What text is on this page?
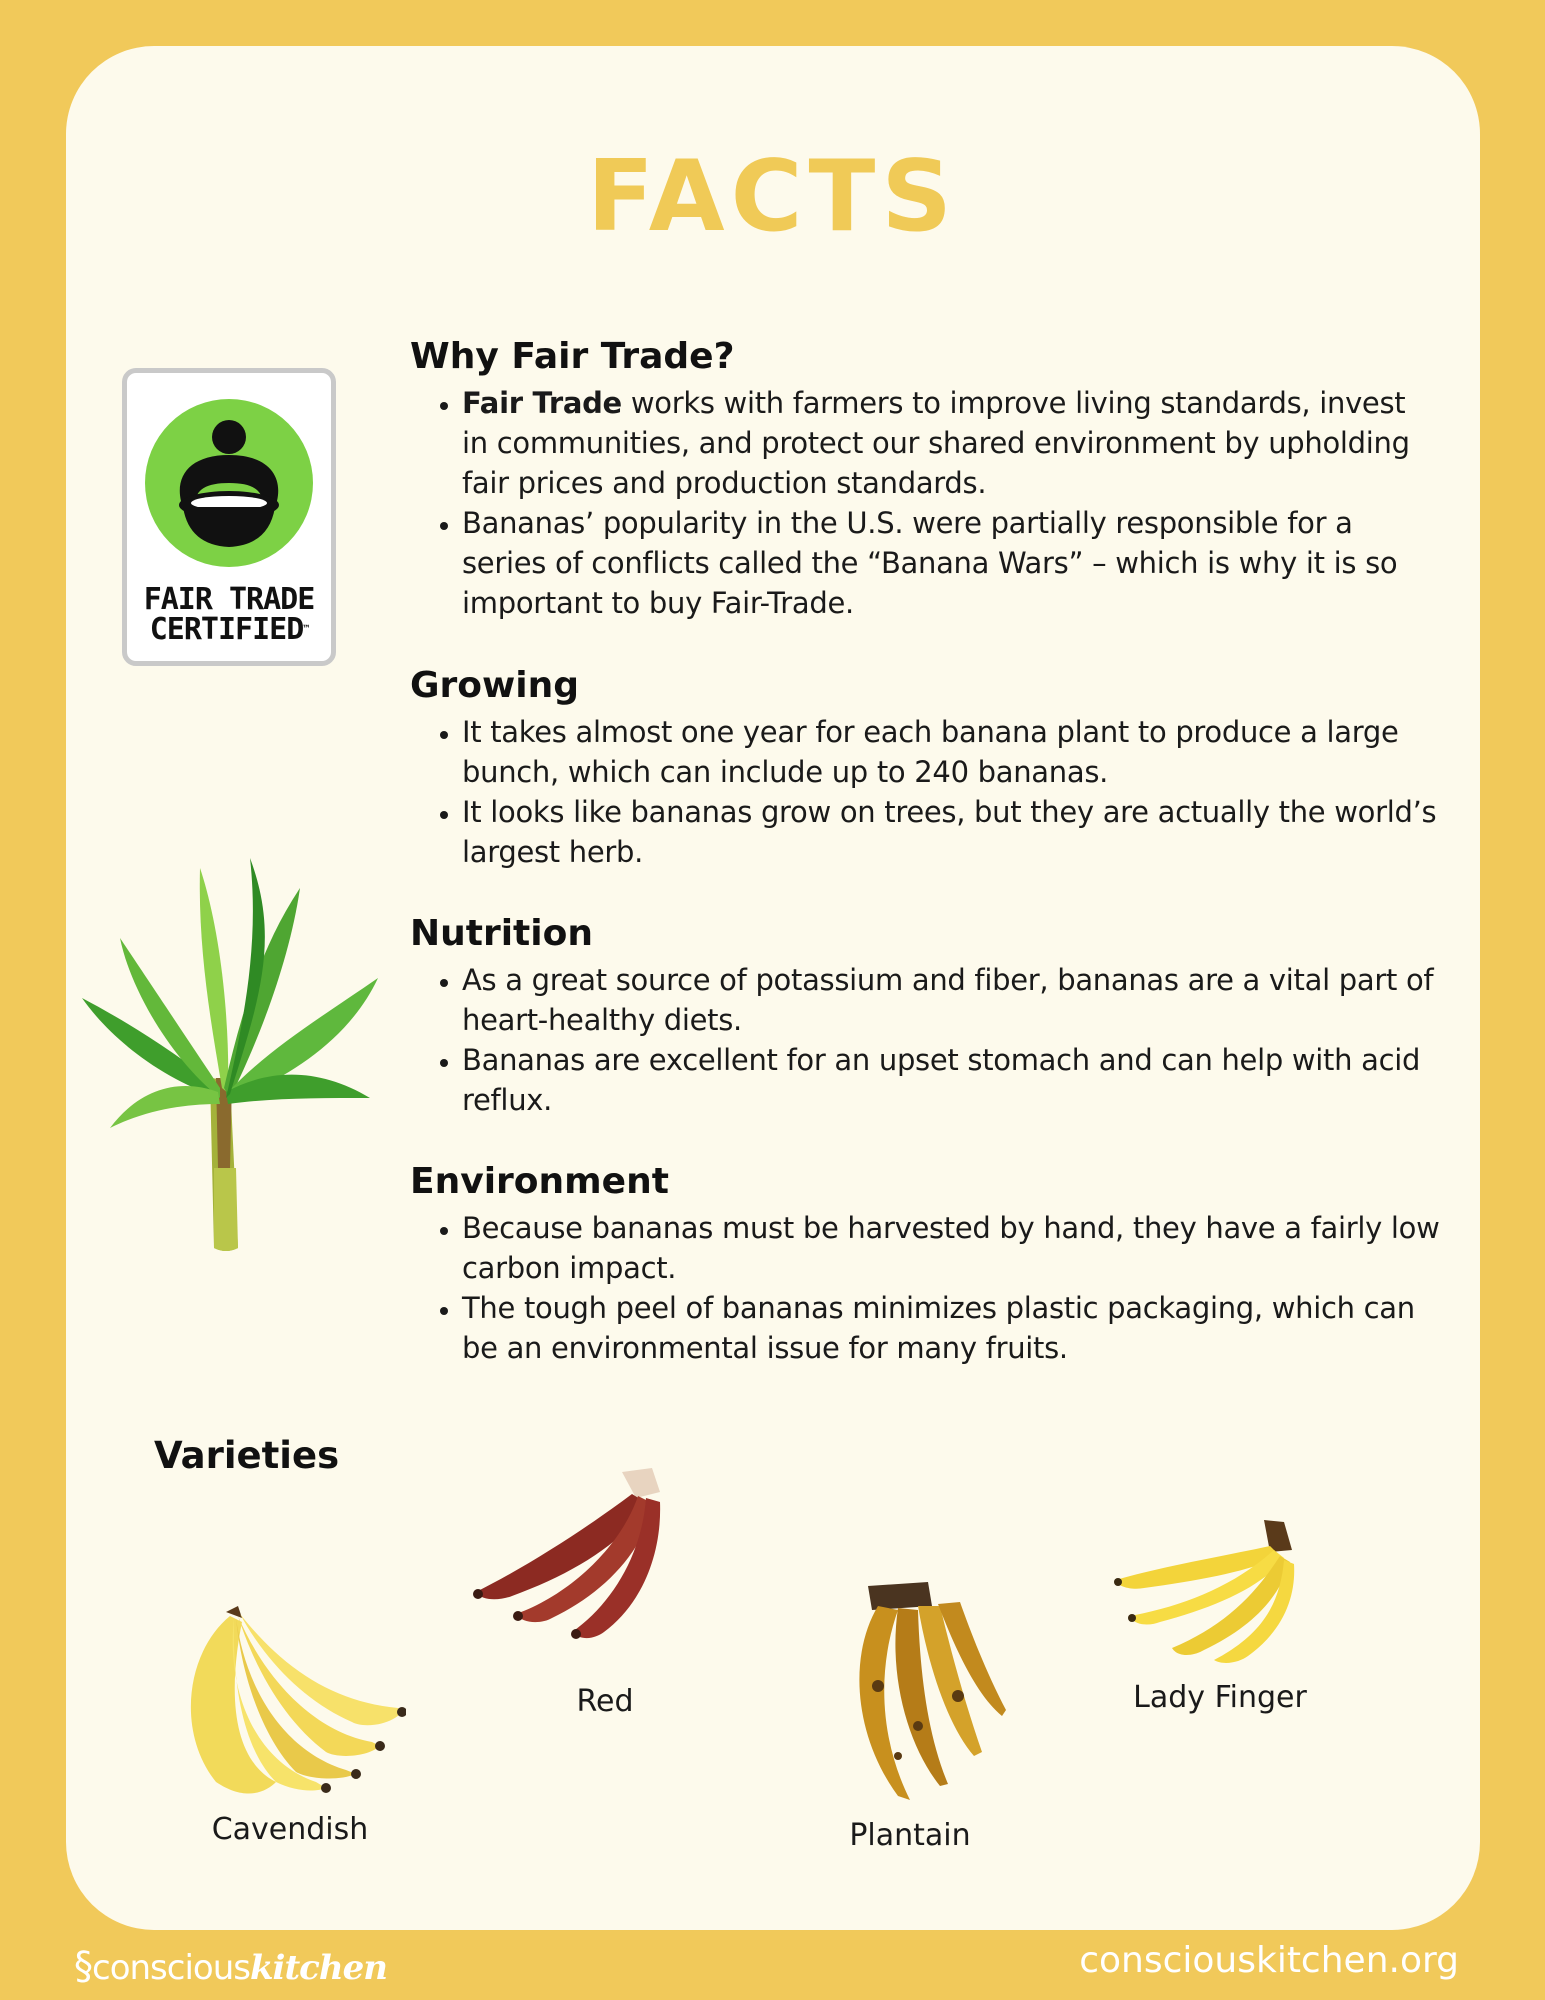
FACTS
FAIR TRADE
CERTIFIED™
Why Fair Trade?
• Fair Trade works with farmers to improve living standards, invest in communities, and protect our shared environment by upholding fair prices and production standards.
• Bananas’ popularity in the U.S. were partially responsible for a series of conflicts called the “Banana Wars” – which is why it is so important to buy Fair-Trade.
Growing
• It takes almost one year for each banana plant to produce a large bunch, which can include up to 240 bananas.
• It looks like bananas grow on trees, but they are actually the world’s largest herb.
Nutrition
• As a great source of potassium and fiber, bananas are a vital part of heart-healthy diets.
• Bananas are excellent for an upset stomach and can help with acid reflux.
Environment
• Because bananas must be harvested by hand, they have a fairly low carbon impact.
• The tough peel of bananas minimizes plastic packaging, which can be an environmental issue for many fruits.
Varieties
Cavendish
Red
Plantain
Lady Finger
§consciouskitchen	consciouskitchen.org
